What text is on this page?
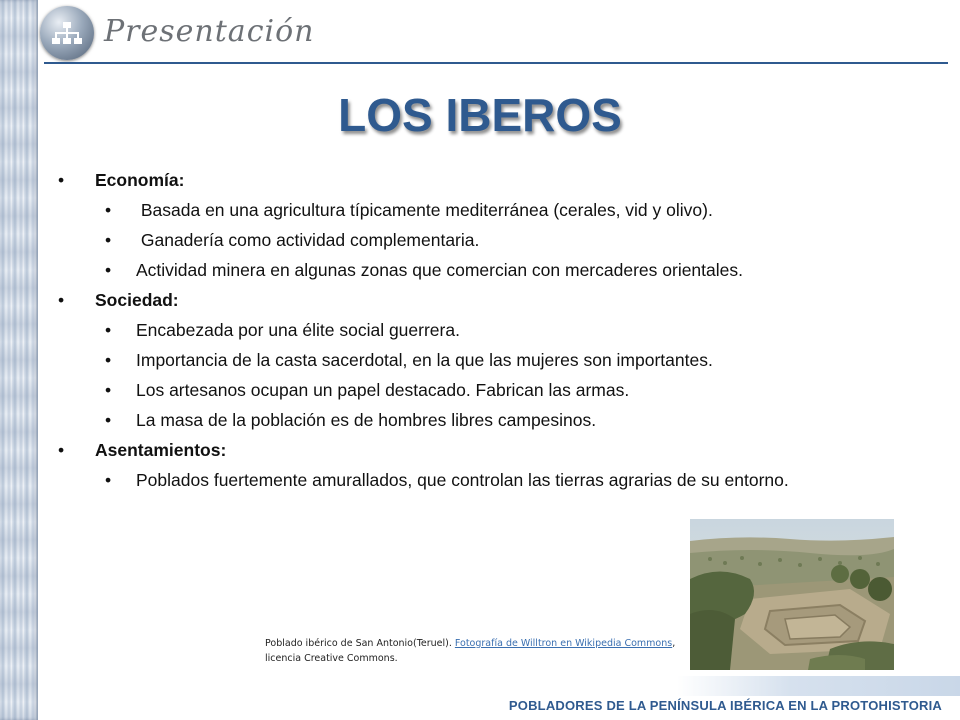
Presentación
LOS IBEROS
• Economía:
• Basada en una agricultura típicamente mediterránea (cerales, vid y olivo).
• Ganadería como actividad complementaria.
• Actividad minera en algunas zonas que comercian con mercaderes orientales.
• Sociedad:
• Encabezada por una élite social guerrera.
• Importancia de la casta sacerdotal, en la que las mujeres son importantes.
• Los artesanos ocupan un papel destacado. Fabrican las armas.
• La masa de la población es de hombres libres campesinos.
• Asentamientos:
• Poblados fuertemente amurallados, que controlan las tierras agrarias de su entorno.
Poblado ibérico de San Antonio(Teruel). Fotografía de Willtron en Wikipedia Commons, licencia Creative Commons.
POBLADORES DE LA PENÍNSULA IBÉRICA EN LA PROTOHISTORIA
